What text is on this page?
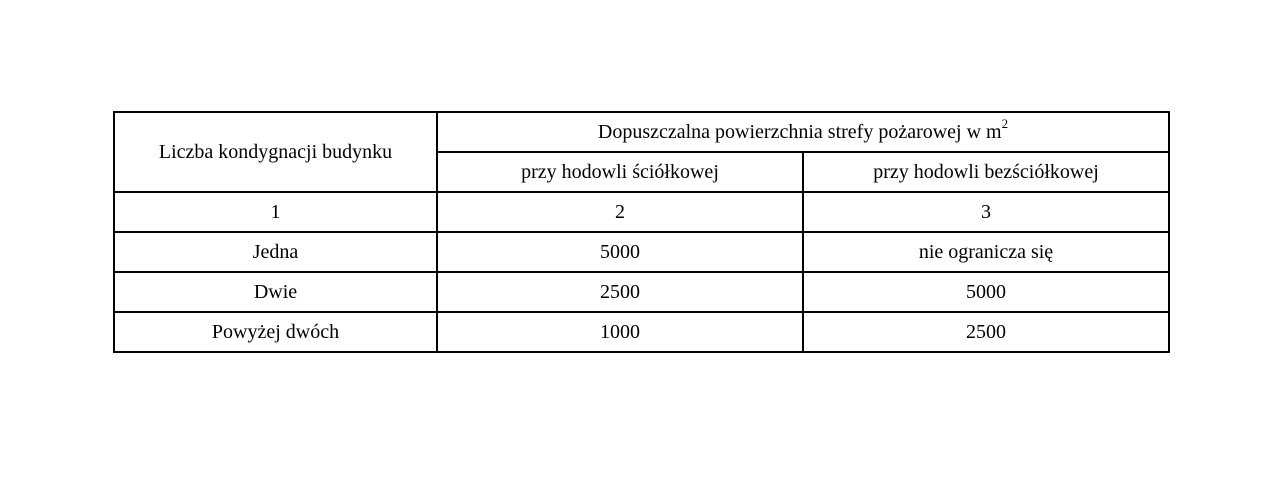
Liczba kondygnacji budynku	Dopuszczalna powierzchnia strefy pożarowej w $m^2$
	przy hodowli ściółkowej	przy hodowli bezściółkowej
1	2	3
Jedna	5000	nie ogranicza się
Dwie	2500	5000
Powyżej dwóch	1000	2500
